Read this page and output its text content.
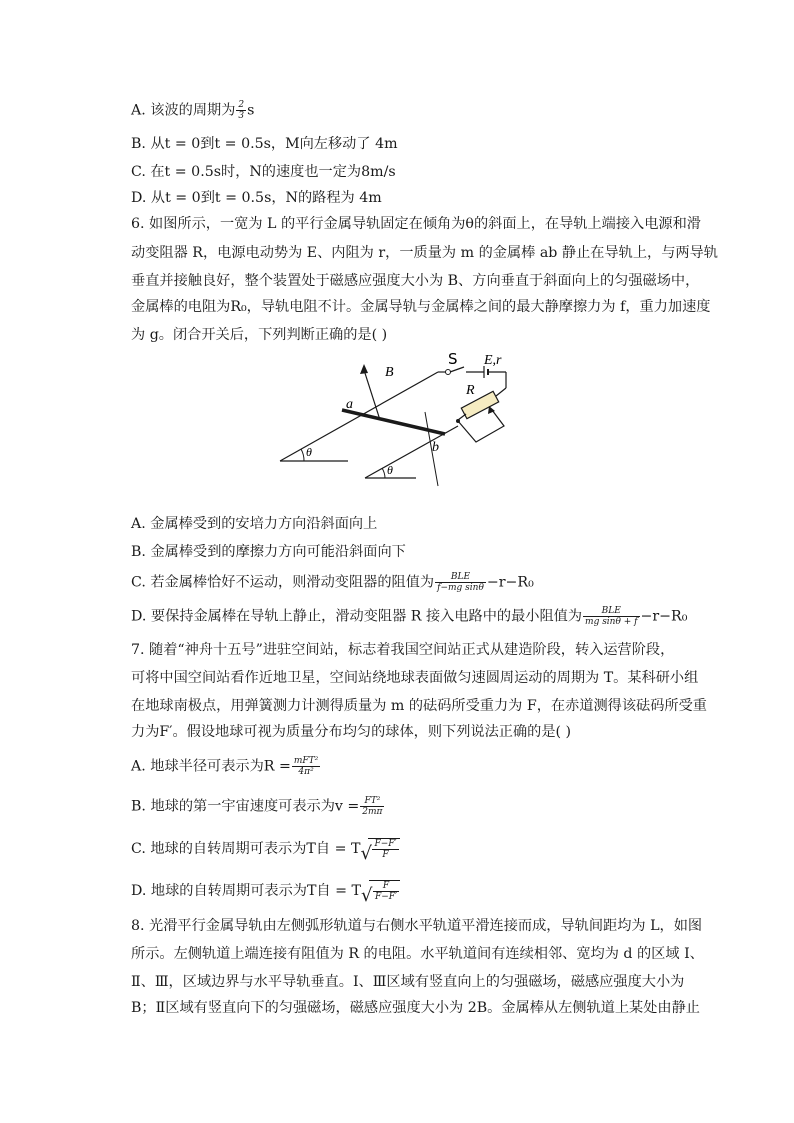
A. 该波的周期为 $\frac{2}{3}$ s
B. 从t = 0到t = 0.5s，M向左移动了 4m
C. 在t = 0.5s时，N的速度也一定为8m/s
D. 从t = 0到t = 0.5s，N的路程为 4m
6. 如图所示，一宽为 L 的平行金属导轨固定在倾角为θ的斜面上，在导轨上端接入电源和滑
动变阻器 R，电源电动势为 E、内阻为 r，一质量为 m 的金属棒 ab 静止在导轨上，与两导轨
垂直并接触良好，整个装置处于磁感应强度大小为 B、方向垂直于斜面向上的匀强磁场中，
金属棒的电阻为R₀，导轨电阻不计。金属导轨与金属棒之间的最大静摩擦力为 f，重力加速度
为 g。闭合开关后，下列判断正确的是( )
θ
θ
a
b
B
S E,r
R
A. 金属棒受到的安培力方向沿斜面向上
B. 金属棒受到的摩擦力方向可能沿斜面向下
C. 若金属棒恰好不运动，则滑动变阻器的阻值为 $\frac{\text{BLE}}{\text{f−mg sinθ}} -r-R_0$
D. 要保持金属棒在导轨上静止，滑动变阻器 R 接入电路中的最小阻值为 $\frac{\text{BLE}}{\text{mg sinθ + f}} -r-R_0$
7. 随着“神舟十五号”进驻空间站，标志着我国空间站正式从建造阶段，转入运营阶段，
可将中国空间站看作近地卫星，空间站绕地球表面做匀速圆周运动的周期为 T。某科研小组
在地球南极点，用弹簧测力计测得质量为 m 的砝码所受重力为 F，在赤道测得该砝码所受重
力为F′。假设地球可视为质量分布均匀的球体，则下列说法正确的是( )
A. 地球半径可表示为$R = \frac{\text{mFT²}}{\text{4π²}}$
B. 地球的第一宇宙速度可表示为$v = \frac{\text{FT²}}{2m\pi}$
C. 地球的自转周期可表示为T自 = T √ $\frac{F-F'}{F}$
D. 地球的自转周期可表示为T自 = T √ $\frac{F}{F-F'}$
8. 光滑平行金属导轨由左侧弧形轨道与右侧水平轨道平滑连接而成，导轨间距均为 L，如图
所示。左侧轨道上端连接有阻值为 R 的电阻。水平轨道间有连续相邻、宽均为 d 的区域 Ⅰ、
Ⅱ、Ⅲ，区域边界与水平导轨垂直。Ⅰ、Ⅲ区域有竖直向上的匀强磁场，磁感应强度大小为
B；Ⅱ区域有竖直向下的匀强磁场，磁感应强度大小为 2B。金属棒从左侧轨道上某处由静止
